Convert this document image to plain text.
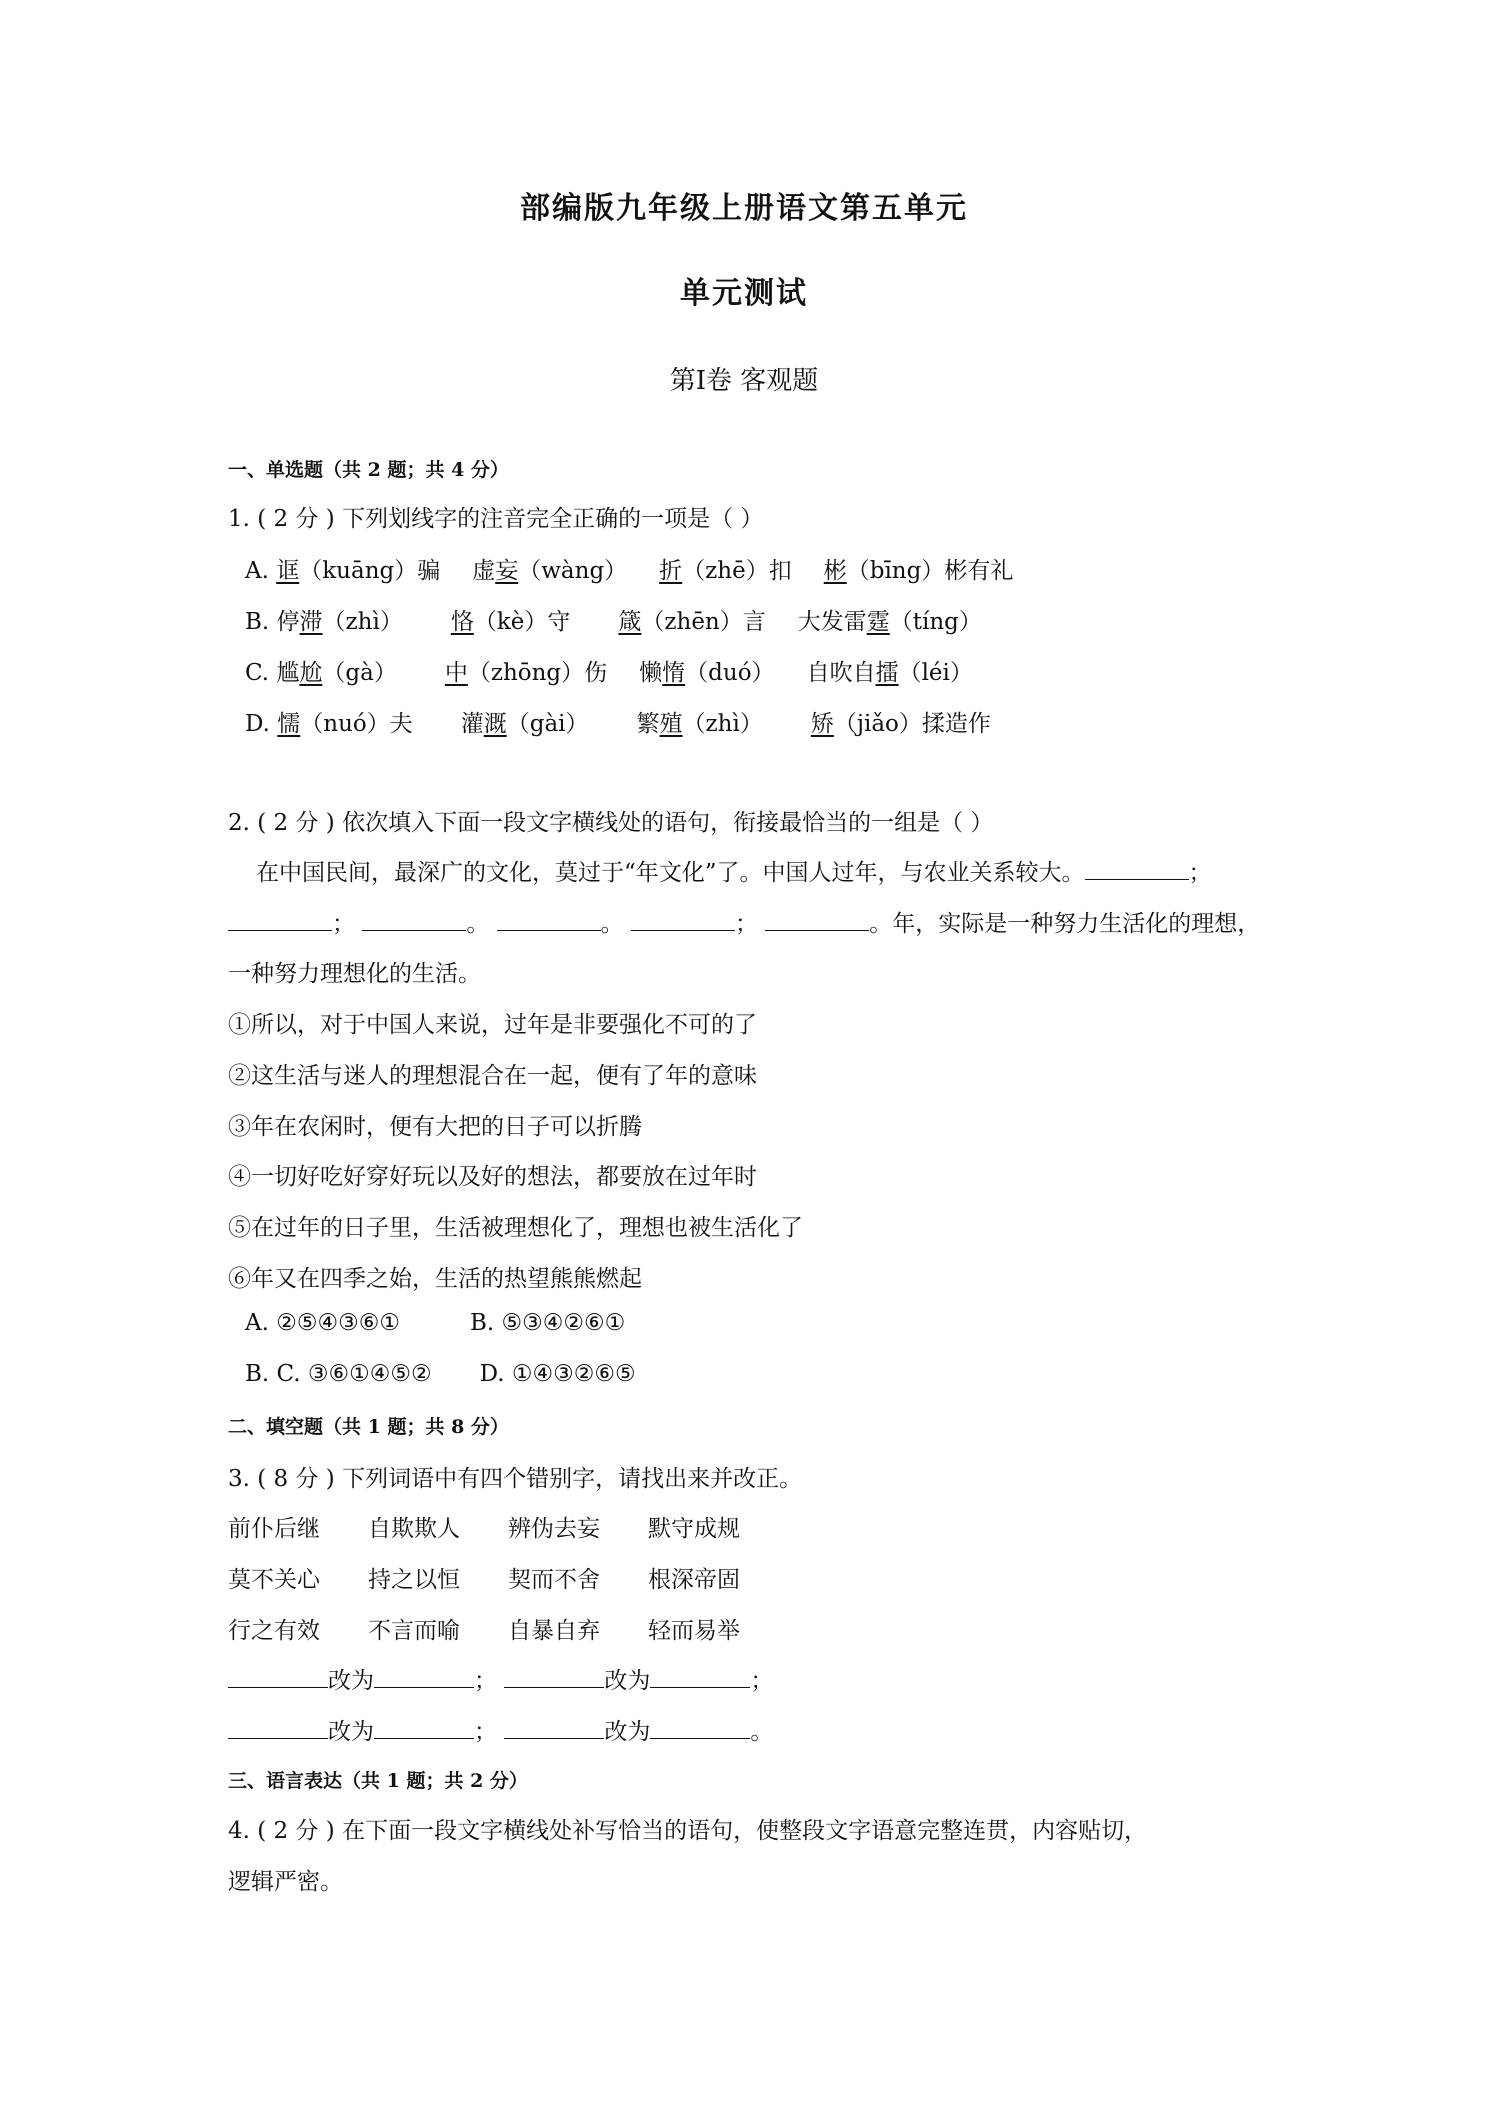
部编版九年级上册语文第五单元
单元测试
第Ⅰ卷 客观题
一、单选题（共 2 题；共 4 分）
1. ( 2 分 ) 下列划线字的注音完全正确的一项是（ ）
A. 诓（kuāng）骗 虚妄（wàng） 折（zhē）扣 彬（bīng）彬有礼
B. 停滞（zhì） 恪（kè）守 箴（zhēn）言 大发雷霆（tíng）
C. 尴尬（gà） 中（zhōng）伤 懒惰（duó） 自吹自擂（léi）
D. 懦（nuó）夫 灌溉（gài） 繁殖（zhì） 矫（jiǎo）揉造作
2. ( 2 分 ) 依次填入下面一段文字横线处的语句，衔接最恰当的一组是（ ）
在中国民间，最深广的文化，莫过于“年文化”了。中国人过年，与农业关系较大。	；
；	。	。	；	。年，实际是一种努力生活化的理想，
一种努力理想化的生活。
①所以，对于中国人来说，过年是非要强化不可的了
②这生活与迷人的理想混合在一起，便有了年的意味
③年在农闲时，便有大把的日子可以折腾
④一切好吃好穿好玩以及好的想法，都要放在过年时
⑤在过年的日子里，生活被理想化了，理想也被生活化了
⑥年又在四季之始，生活的热望熊熊燃起
A. ②⑤④③⑥①	B. ⑤③④②⑥①
B. C. ③⑥①④⑤② D. ①④③②⑥⑤
二、填空题（共 1 题；共 8 分）
3. ( 8 分 ) 下列词语中有四个错别字，请找出来并改正。
前仆后继 自欺欺人 辨伪去妄 默守成规
莫不关心 持之以恒 契而不舍 根深帝固
行之有效 不言而喻 自暴自弃 轻而易举
改为	；	改为	；
改为	；	改为	。
三、语言表达（共 1 题；共 2 分）
4. ( 2 分 ) 在下面一段文字横线处补写恰当的语句，使整段文字语意完整连贯，内容贴切，
逻辑严密。
